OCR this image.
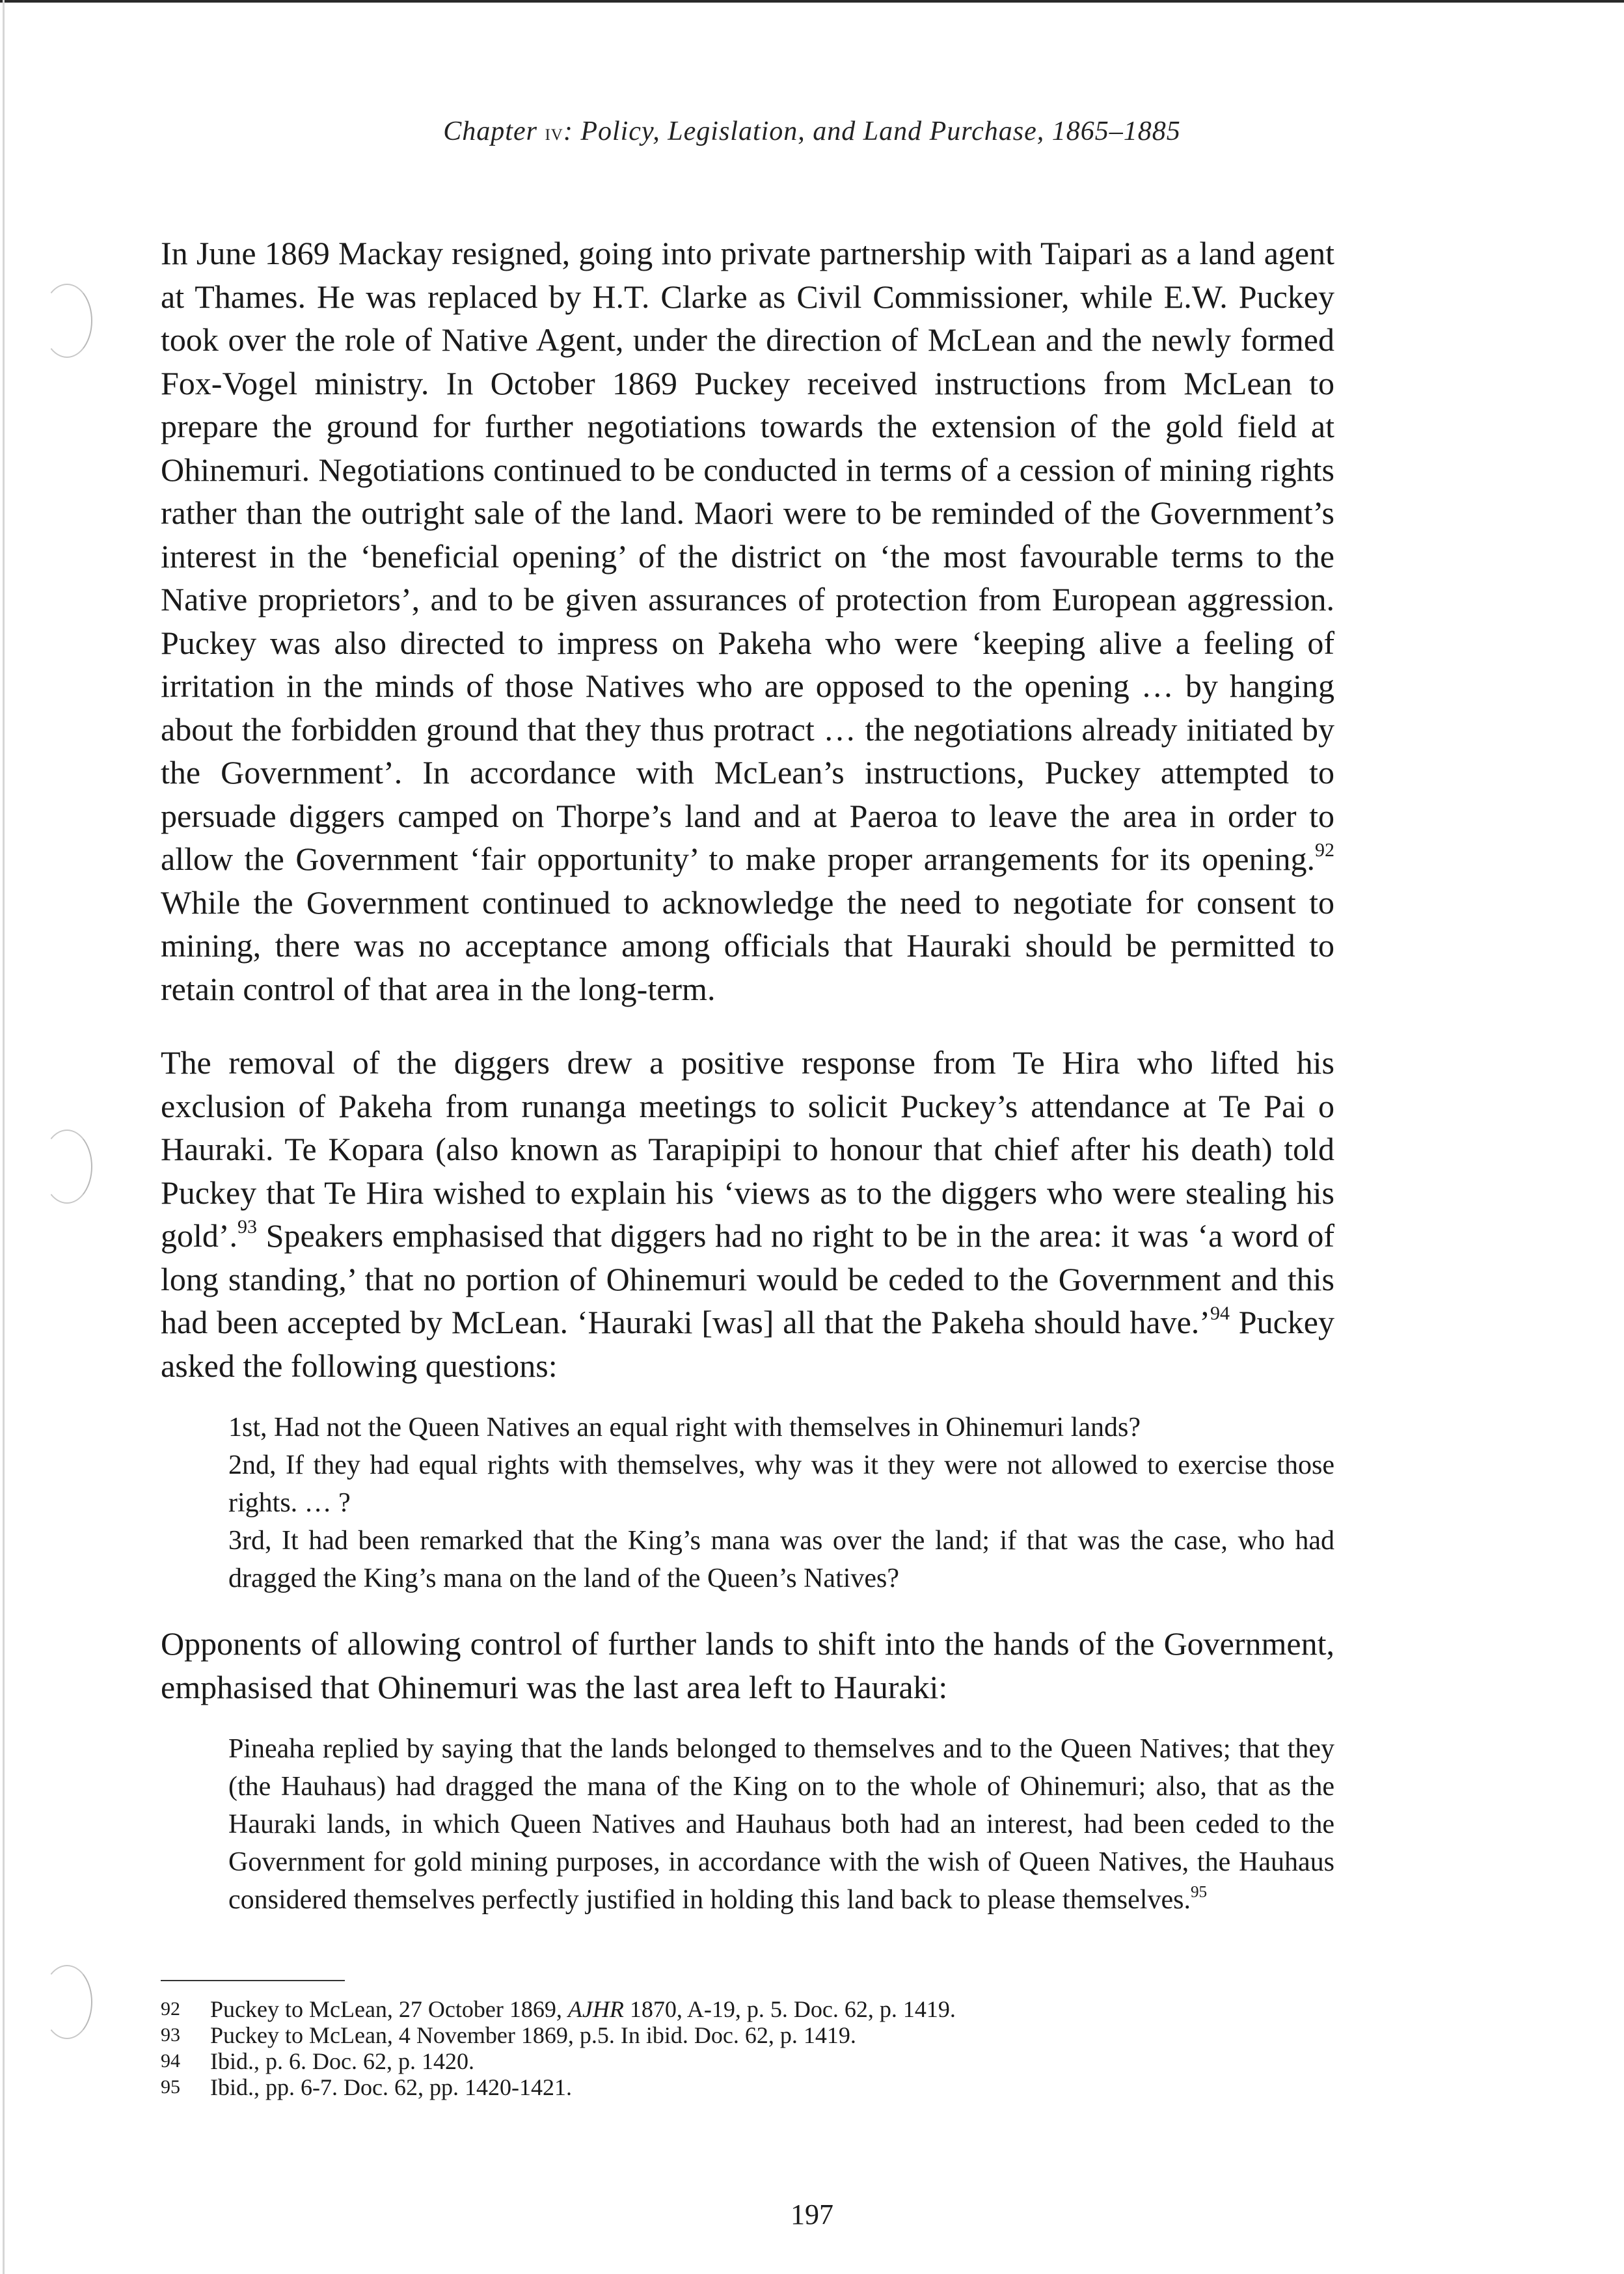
Chapter iv: Policy, Legislation, and Land Purchase, 1865–1885

In June 1869 Mackay resigned, going into private partnership with Taipari as a land agent at Thames. He was replaced by H.T. Clarke as Civil Commissioner, while E.W. Puckey took over the role of Native Agent, under the direction of McLean and the newly formed Fox-Vogel ministry. In October 1869 Puckey received instructions from McLean to prepare the ground for further negotiations towards the extension of the gold field at Ohinemuri. Negotiations continued to be conducted in terms of a cession of mining rights rather than the outright sale of the land. Maori were to be reminded of the Government’s interest in the ‘beneficial opening’ of the district on ‘the most favourable terms to the Native proprietors’, and to be given assurances of protection from European aggression. Puckey was also directed to impress on Pakeha who were ‘keeping alive a feeling of irritation in the minds of those Natives who are opposed to the opening … by hanging about the forbidden ground that they thus protract … the negotiations already initiated by the Government’. In accordance with McLean’s instructions, Puckey attempted to persuade diggers camped on Thorpe’s land and at Paeroa to leave the area in order to allow the Government ‘fair opportunity’ to make proper arrangements for its opening.$^{92}$ While the Government continued to acknowledge the need to negotiate for consent to mining, there was no acceptance among officials that Hauraki should be permitted to retain control of that area in the long-term.

The removal of the diggers drew a positive response from Te Hira who lifted his exclusion of Pakeha from runanga meetings to solicit Puckey’s attendance at Te Pai o Hauraki. Te Kopara (also known as Tarapipipi to honour that chief after his death) told Puckey that Te Hira wished to explain his ‘views as to the diggers who were stealing his gold’.$^{93}$ Speakers emphasised that diggers had no right to be in the area: it was ‘a word of long standing,’ that no portion of Ohinemuri would be ceded to the Government and this had been accepted by McLean. ‘Hauraki [was] all that the Pakeha should have.’$^{94}$ Puckey asked the following questions:

1st, Had not the Queen Natives an equal right with themselves in Ohinemuri lands?
2nd, If they had equal rights with themselves, why was it they were not allowed to exercise those rights. … ?
3rd, It had been remarked that the King’s mana was over the land; if that was the case, who had dragged the King’s mana on the land of the Queen’s Natives?

Opponents of allowing control of further lands to shift into the hands of the Government, emphasised that Ohinemuri was the last area left to Hauraki:

Pineaha replied by saying that the lands belonged to themselves and to the Queen Natives; that they (the Hauhaus) had dragged the mana of the King on to the whole of Ohinemuri; also, that as the Hauraki lands, in which Queen Natives and Hauhaus both had an interest, had been ceded to the Government for gold mining purposes, in accordance with the wish of Queen Natives, the Hauhaus considered themselves perfectly justified in holding this land back to please themselves.$^{95}$
92	Puckey to McLean, 27 October 1869, AJHR 1870, A-19, p. 5. Doc. 62, p. 1419.
93	Puckey to McLean, 4 November 1869, p.5. In ibid. Doc. 62, p. 1419.
94	Ibid., p. 6. Doc. 62, p. 1420.
95	Ibid., pp. 6-7. Doc. 62, pp. 1420-1421.
197
